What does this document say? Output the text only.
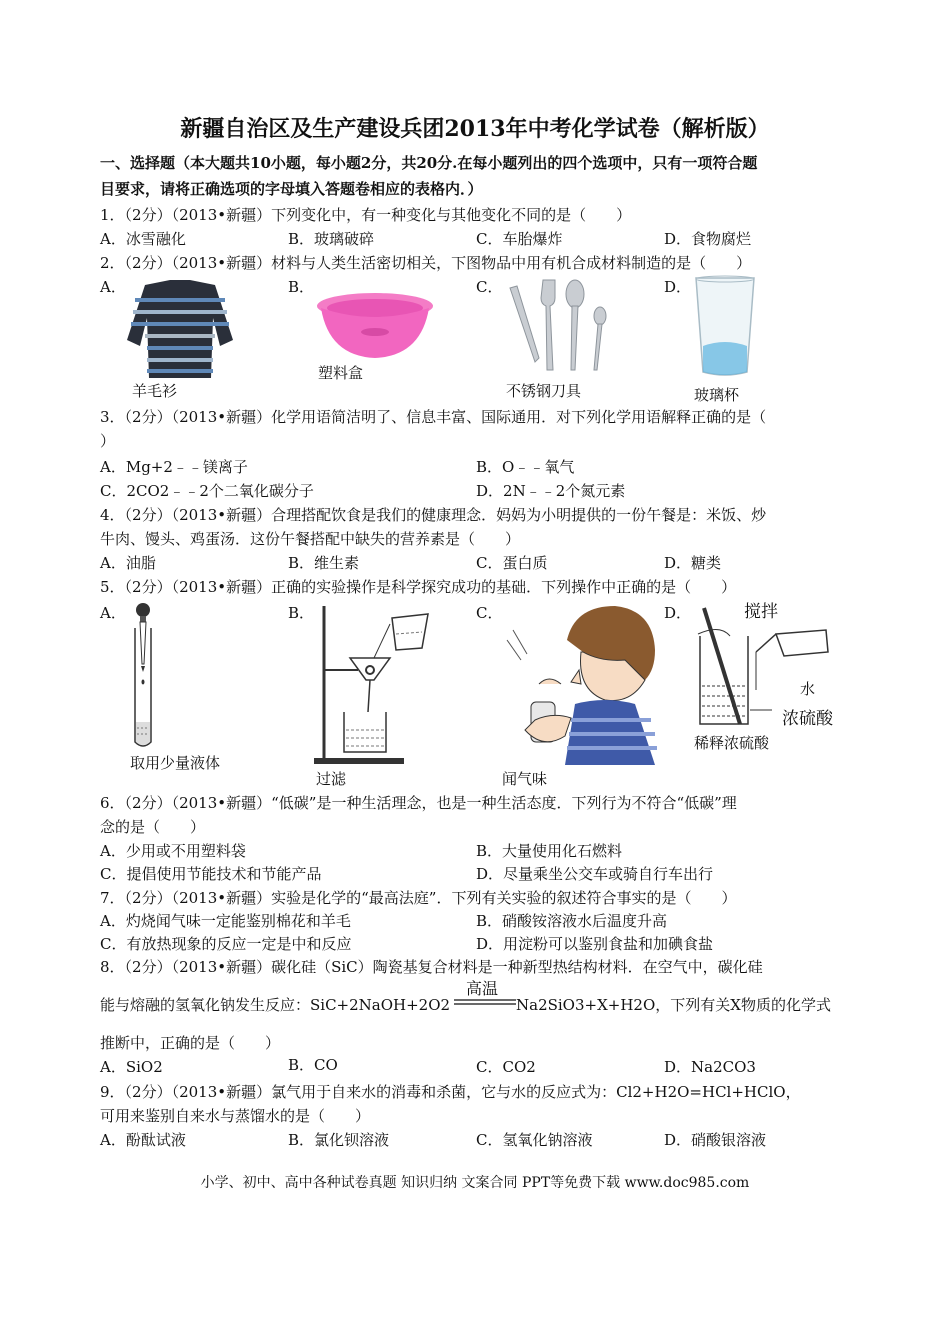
新疆自治区及生产建设兵团2013年中考化学试卷（解析版）
一、选择题（本大题共10小题，每小题2分，共20分.在每小题列出的四个选项中，只有一项符合题
目要求，请将正确选项的字母填入答题卷相应的表格内．）
1．（2分）（2013•新疆）下列变化中，有一种变化与其他变化不同的是（　　）
A．冰雪融化	B．玻璃破碎	C．车胎爆炸	D．食物腐烂
2．（2分）（2013•新疆）材料与人类生活密切相关，下图物品中用有机合成材料制造的是（　　）
A．	B．	C．	D．
羊毛衫
塑料盒
不锈钢刀具	玻璃杯
3．（2分）（2013•新疆）化学用语简洁明了、信息丰富、国际通用．对下列化学用语解释正确的是（
）
A．Mg+2﹣﹣镁离子	B．O﹣﹣氧气
C．2CO2﹣﹣2个二氧化碳分子	D．2N﹣﹣2个氮元素
4．（2分）（2013•新疆）合理搭配饮食是我们的健康理念．妈妈为小明提供的一份午餐是：米饭、炒
牛肉、馒头、鸡蛋汤．这份午餐搭配中缺失的营养素是（　　）
A．油脂	B．维生素	C．蛋白质	D．糖类
5．（2分）（2013•新疆）正确的实验操作是科学探究成功的基础．下列操作中正确的是（　　）
A．	B．	C．	D．
取用少量液体
过滤	闻气味
搅拌
水
浓硫酸
稀释浓硫酸
6．（2分）（2013•新疆）“低碳”是一种生活理念，也是一种生活态度．下列行为不符合“低碳”理
念的是（　　）
A．少用或不用塑料袋	B．大量使用化石燃料
C．提倡使用节能技术和节能产品	D．尽量乘坐公交车或骑自行车出行
7．（2分）（2013•新疆）实验是化学的“最高法庭”．下列有关实验的叙述符合事实的是（　　）
A．灼烧闻气味一定能鉴别棉花和羊毛	B．硝酸铵溶液水后温度升高
C．有放热现象的反应一定是中和反应	D．用淀粉可以鉴别食盐和加碘食盐
8．（2分）（2013•新疆）碳化硅（SiC）陶瓷基复合材料是一种新型热结构材料．在空气中，碳化硅
能与熔融的氢氧化钠发生反应：SiC+2NaOH+2O2
高温
Na2SiO3+X+H2O，下列有关X物质的化学式
推断中，正确的是（　　）
A．SiO2	B．CO	C．CO2	D．Na2CO3
9．（2分）（2013•新疆）氯气用于自来水的消毒和杀菌，它与水的反应式为：Cl2+H2O=HCl+HClO，
可用来鉴别自来水与蒸馏水的是（　　）
A．酚酞试液	B．氯化钡溶液	C．氢氧化钠溶液	D．硝酸银溶液
小学、初中、高中各种试卷真题 知识归纳 文案合同 PPT等免费下载 www.doc985.com
